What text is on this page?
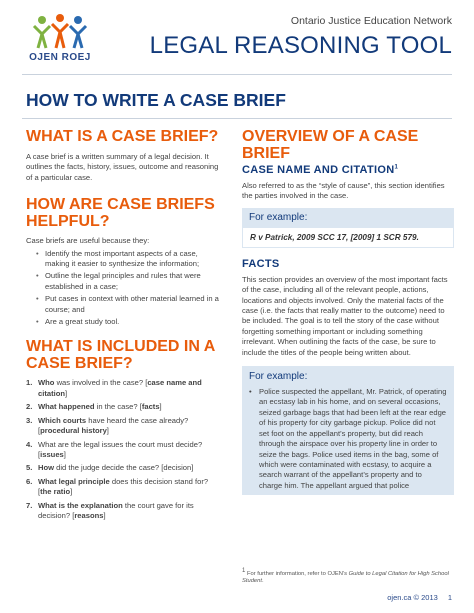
OJEN ROEJ
Ontario Justice Education Network
LEGAL REASONING TOOL
HOW TO WRITE A CASE BRIEF
WHAT IS A CASE BRIEF?

A case brief is a written summary of a legal decision. It outlines the facts, history, issues, outcome and reasoning of a particular case.

HOW ARE CASE BRIEFS HELPFUL?

Case briefs are useful because they:

• Identify the most important aspects of a case, making it easier to synthesize the information;
• Outline the legal principles and rules that were established in a case;
• Put cases in context with other material learned in a course; and
• Are a great study tool.
WHAT IS INCLUDED IN A CASE BRIEF?
1. Who was involved in the case? [case name and citation]
2. What happened in the case? [facts]
3. Which courts have heard the case already? [procedural history]
4. What are the legal issues the court must decide? [issues]
5. How did the judge decide the case? [decision]
6. What legal principle does this decision stand for? [the ratio]
7. What is the explanation the court gave for its decision? [reasons]
OVERVIEW OF A CASE BRIEF
CASE NAME AND CITATION$^1$

Also referred to as the “style of cause”, this section identifies the parties involved in the case.

For example:
R v Patrick, 2009 SCC 17, [2009] 1 SCR 579.
FACTS

This section provides an overview of the most important facts of the case, including all of the relevant people, actions, locations and objects involved. Only the material facts of the case (i.e. the facts that really matter to the outcome) need to be included. The goal is to tell the story of the case without forgetting something important or including something irrelevant. When outlining the facts of the case, be sure to include the titles of the people being written about.

For example:

• Police suspected the appellant, Mr. Patrick, of operating an ecstasy lab in his home, and on several occasions, seized garbage bags that had been left at the rear edge of his property for city garbage pickup. Police did not set foot on the appellant’s property, but did reach through the airspace over his property line in order to seize the bags. Police used items in the bag, some of which were contaminated with ecstasy, to acquire a search warrant of the appellant’s property and to charge him. The appellant argued that police

1 For further information, refer to OJEN’s Guide to Legal Citation for High School Student.
ojen.ca © 2013 1
